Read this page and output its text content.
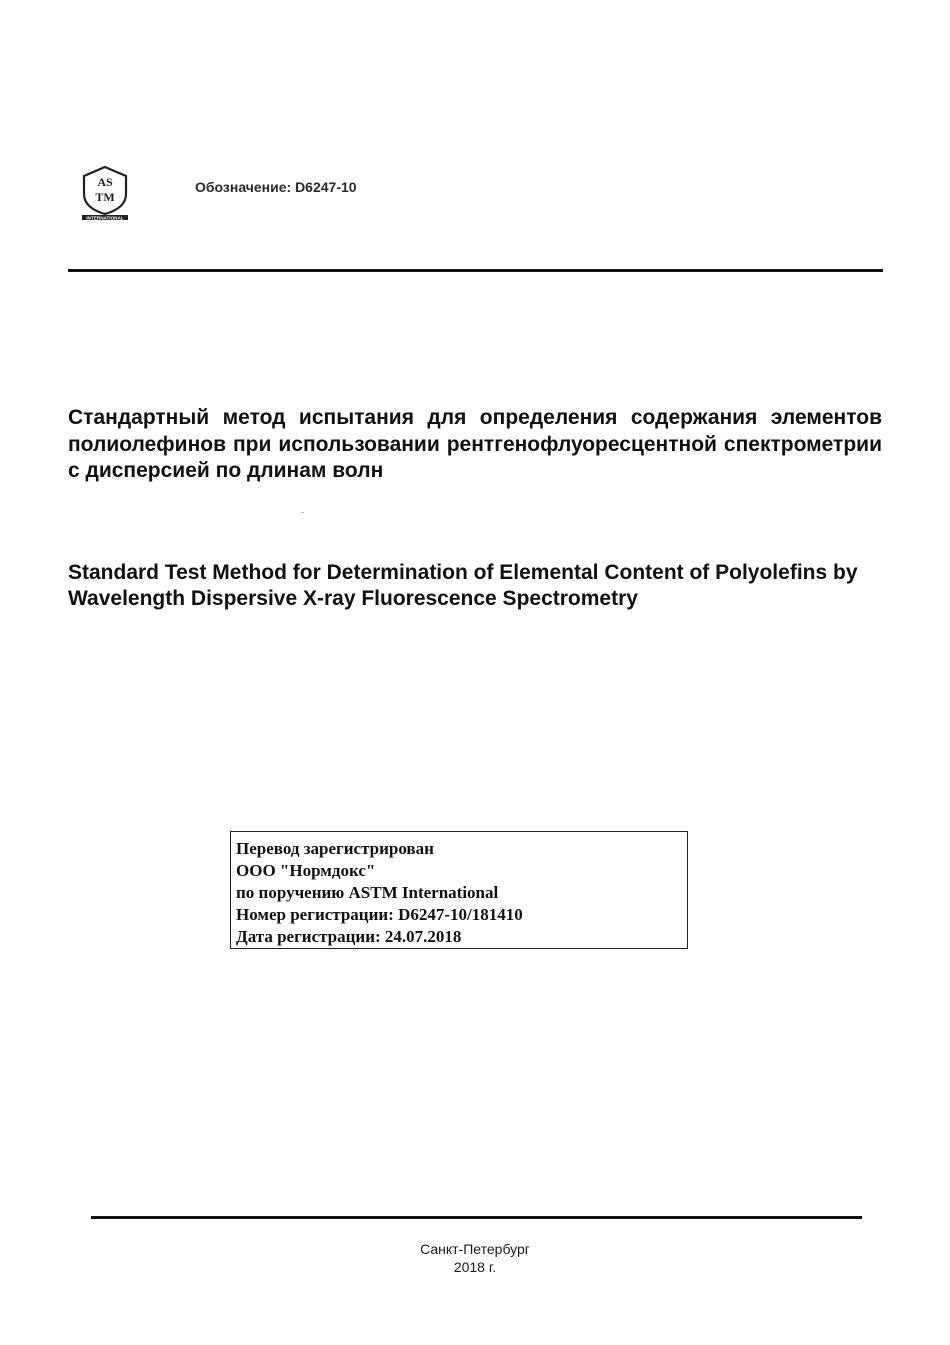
AS
TM
INTERNATIONAL
Обозначение: D6247-10
Стандартный метод испытания для определения содержания элементов полиолефинов при использовании рентгенофлуоресцентной спектрометрии с дисперсией по длинам волн
Standard Test Method for Determination of Elemental Content of Polyolefins by Wavelength Dispersive X-ray Fluorescence Spectrometry
Перевод зарегистрирован
ООО "Нормдокс"
по поручению ASTM International
Номер регистрации: D6247-10/181410
Дата регистрации: 24.07.2018
Санкт-Петербург
2018 г.
